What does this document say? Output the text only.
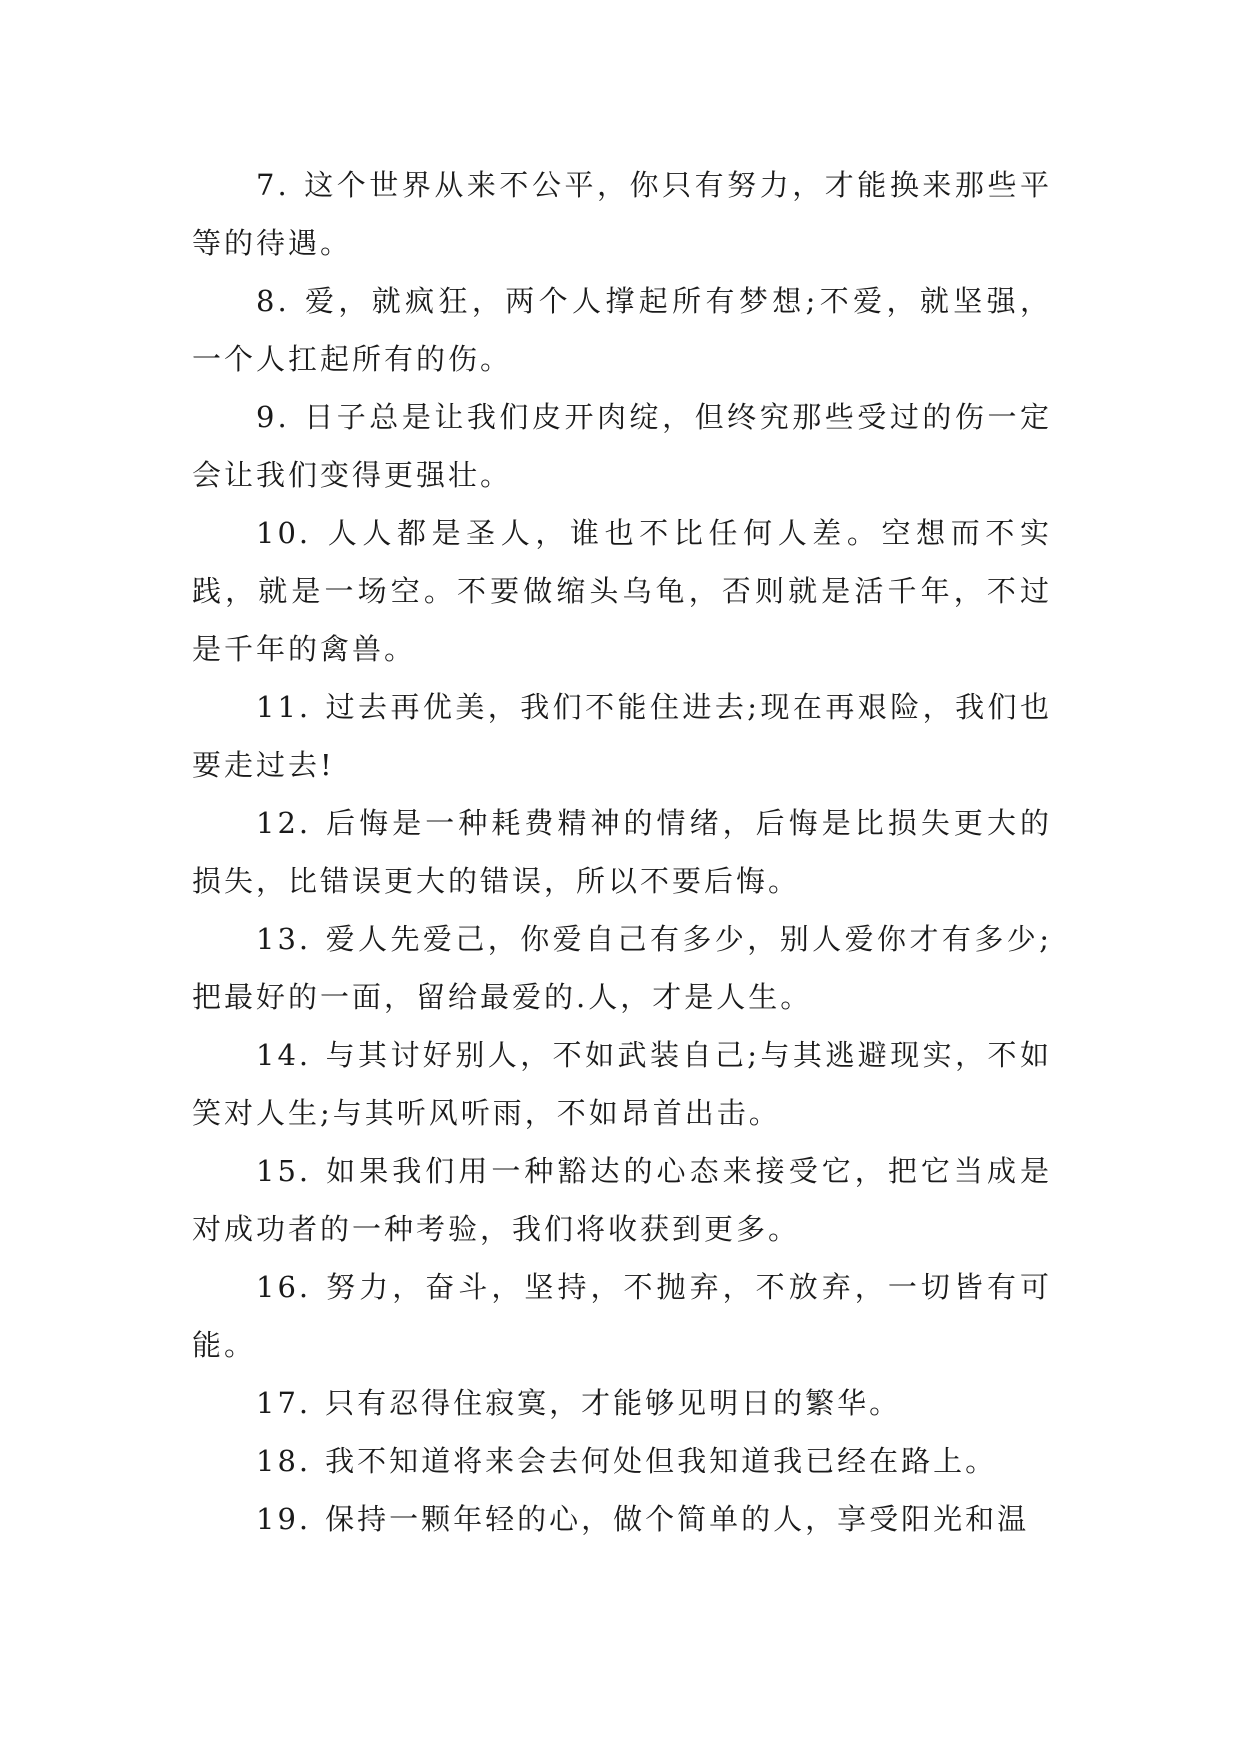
7. 这个世界从来不公平，你只有努力，才能换来那些平等的待遇。

8. 爱，就疯狂，两个人撑起所有梦想;不爱，就坚强，一个人扛起所有的伤。

9. 日子总是让我们皮开肉绽，但终究那些受过的伤一定会让我们变得更强壮。

10. 人人都是圣人，谁也不比任何人差。空想而不实践，就是一场空。不要做缩头乌龟，否则就是活千年，不过是千年的禽兽。

11. 过去再优美，我们不能住进去;现在再艰险，我们也要走过去!

12. 后悔是一种耗费精神的情绪，后悔是比损失更大的损失，比错误更大的错误，所以不要后悔。

13. 爱人先爱己，你爱自己有多少，别人爱你才有多少;把最好的一面，留给最爱的.人，才是人生。

14. 与其讨好别人，不如武装自己;与其逃避现实，不如笑对人生;与其听风听雨，不如昂首出击。

15. 如果我们用一种豁达的心态来接受它，把它当成是对成功者的一种考验，我们将收获到更多。

16. 努力，奋斗，坚持，不抛弃，不放弃，一切皆有可能。

17. 只有忍得住寂寞，才能够见明日的繁华。

18. 我不知道将来会去何处但我知道我已经在路上。

19. 保持一颗年轻的心，做个简单的人，享受阳光和温
